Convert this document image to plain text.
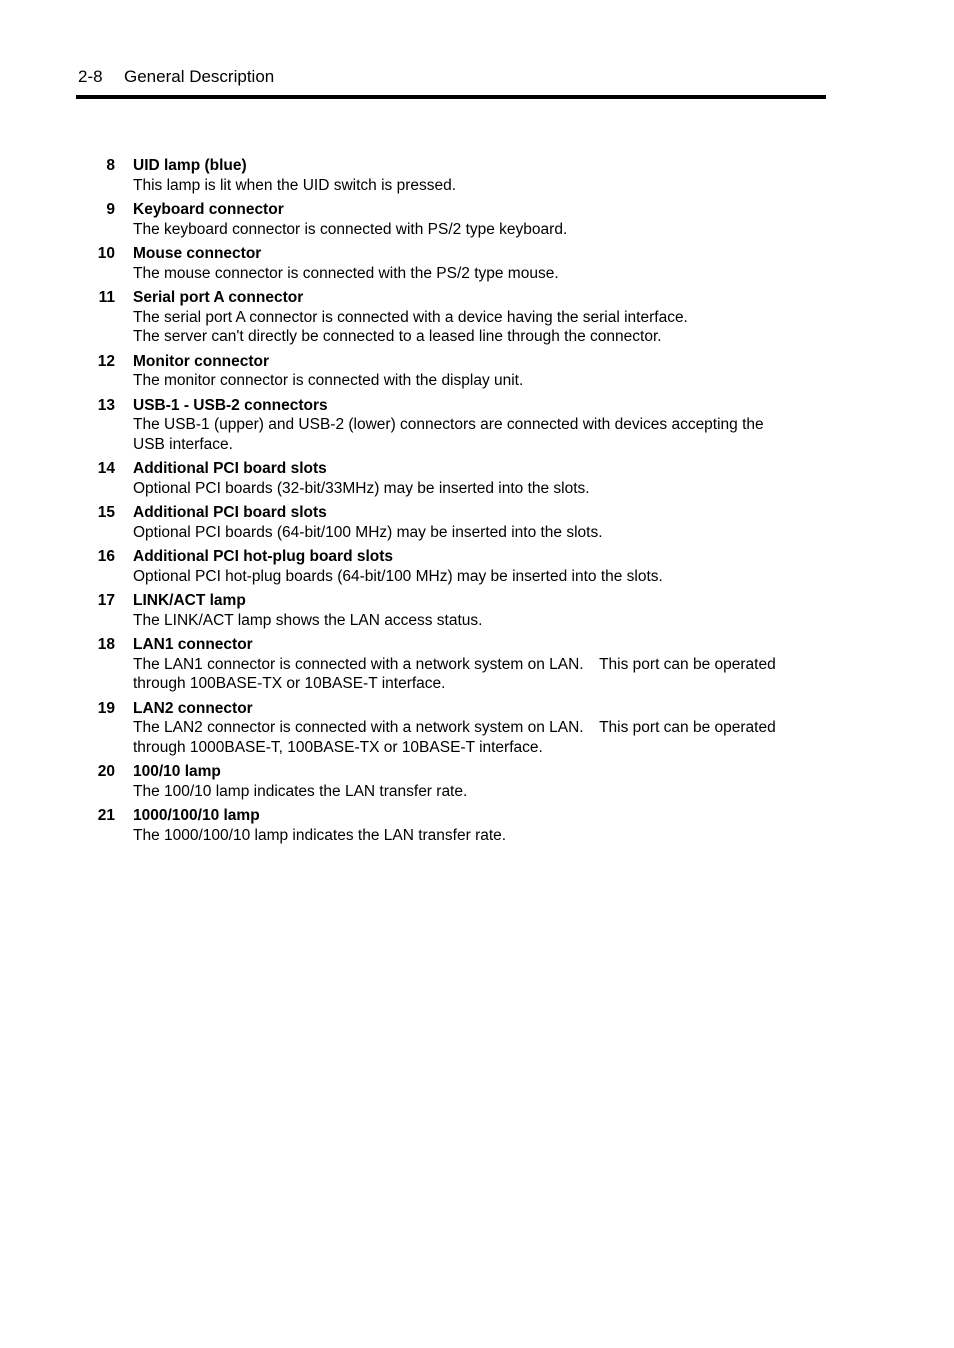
2-8 General Description
8 UID lamp (blue)
This lamp is lit when the UID switch is pressed.
9 Keyboard connector
The keyboard connector is connected with PS/2 type keyboard.
10 Mouse connector
The mouse connector is connected with the PS/2 type mouse.
11 Serial port A connector
The serial port A connector is connected with a device having the serial interface.
The server can't directly be connected to a leased line through the connector.
12 Monitor connector
The monitor connector is connected with the display unit.
13 USB-1 - USB-2 connectors
The USB-1 (upper) and USB-2 (lower) connectors are connected with devices accepting the
USB interface.
14 Additional PCI board slots
Optional PCI boards (32-bit/33MHz) may be inserted into the slots.
15 Additional PCI board slots
Optional PCI boards (64-bit/100 MHz) may be inserted into the slots.
16 Additional PCI hot-plug board slots
Optional PCI hot-plug boards (64-bit/100 MHz) may be inserted into the slots.
17 LINK/ACT lamp
The LINK/ACT lamp shows the LAN access status.
18 LAN1 connector
The LAN1 connector is connected with a network system on LAN.　This port can be operated
through 100BASE-TX or 10BASE-T interface.
19 LAN2 connector
The LAN2 connector is connected with a network system on LAN.　This port can be operated
through 1000BASE-T, 100BASE-TX or 10BASE-T interface.
20 100/10 lamp
The 100/10 lamp indicates the LAN transfer rate.
21 1000/100/10 lamp
The 1000/100/10 lamp indicates the LAN transfer rate.
